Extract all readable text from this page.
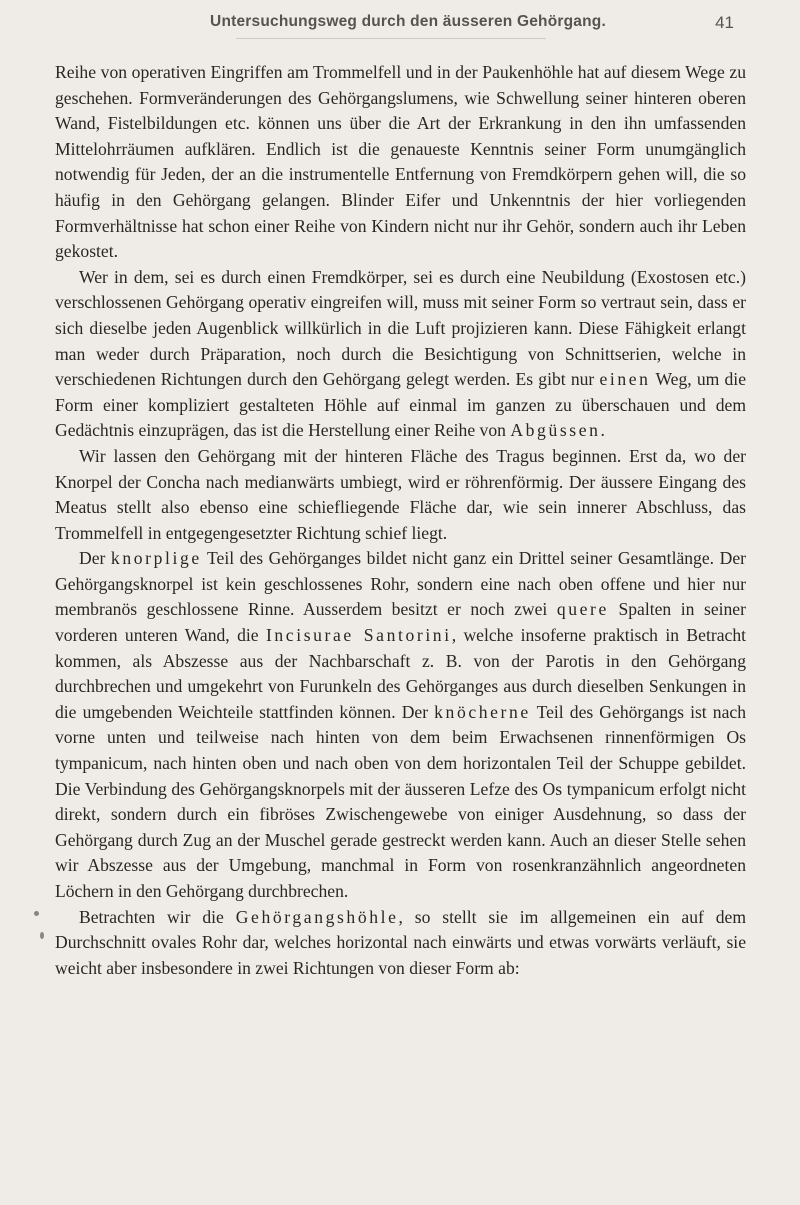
Untersuchungsweg durch den äusseren Gehörgang.	41

Reihe von operativen Eingriffen am Trommelfell und in der Paukenhöhle hat auf diesem Wege zu geschehen. Formveränderungen des Gehörgangslumens, wie Schwellung seiner hinteren oberen Wand, Fistelbildungen etc. können uns über die Art der Erkrankung in den ihn umfassenden Mittelohrräumen aufklären. Endlich ist die genaueste Kenntnis seiner Form unumgänglich notwendig für Jeden, der an die instrumentelle Entfernung von Fremdkörpern gehen will, die so häufig in den Gehörgang gelangen. Blinder Eifer und Unkenntnis der hier vorliegenden Formverhältnisse hat schon einer Reihe von Kindern nicht nur ihr Gehör, sondern auch ihr Leben gekostet.

Wer in dem, sei es durch einen Fremdkörper, sei es durch eine Neubildung (Exostosen etc.) verschlossenen Gehörgang operativ eingreifen will, muss mit seiner Form so vertraut sein, dass er sich dieselbe jeden Augenblick willkürlich in die Luft projizieren kann. Diese Fähigkeit erlangt man weder durch Präparation, noch durch die Besichtigung von Schnittserien, welche in verschiedenen Richtungen durch den Gehörgang gelegt werden. Es gibt nur einen Weg, um die Form einer kompliziert gestalteten Höhle auf einmal im ganzen zu überschauen und dem Gedächtnis einzuprägen, das ist die Herstellung einer Reihe von Abgüssen.

Wir lassen den Gehörgang mit der hinteren Fläche des Tragus beginnen. Erst da, wo der Knorpel der Concha nach medianwärts umbiegt, wird er röhrenförmig. Der äussere Eingang des Meatus stellt also ebenso eine schiefliegende Fläche dar, wie sein innerer Abschluss, das Trommelfell in entgegengesetzter Richtung schief liegt.

Der knorplige Teil des Gehörganges bildet nicht ganz ein Drittel seiner Gesamtlänge. Der Gehörgangsknorpel ist kein geschlossenes Rohr, sondern eine nach oben offene und hier nur membranös geschlossene Rinne. Ausserdem besitzt er noch zwei quere Spalten in seiner vorderen unteren Wand, die Incisurae Santorini, welche insoferne praktisch in Betracht kommen, als Abszesse aus der Nachbarschaft z. B. von der Parotis in den Gehörgang durchbrechen und umgekehrt von Furunkeln des Gehörganges aus durch dieselben Senkungen in die umgebenden Weichteile stattfinden können. Der knöcherne Teil des Gehörgangs ist nach vorne unten und teilweise nach hinten von dem beim Erwachsenen rinnenförmigen Os tympanicum, nach hinten oben und nach oben von dem horizontalen Teil der Schuppe gebildet. Die Verbindung des Gehörgangsknorpels mit der äusseren Lefze des Os tympanicum erfolgt nicht direkt, sondern durch ein fibröses Zwischengewebe von einiger Ausdehnung, so dass der Gehörgang durch Zug an der Muschel gerade gestreckt werden kann. Auch an dieser Stelle sehen wir Abszesse aus der Umgebung, manchmal in Form von rosenkranzähnlich angeordneten Löchern in den Gehörgang durchbrechen.

Betrachten wir die Gehörgangshöhle, so stellt sie im allgemeinen ein auf dem Durchschnitt ovales Rohr dar, welches horizontal nach einwärts und etwas vorwärts verläuft, sie weicht aber insbesondere in zwei Richtungen von dieser Form ab:
